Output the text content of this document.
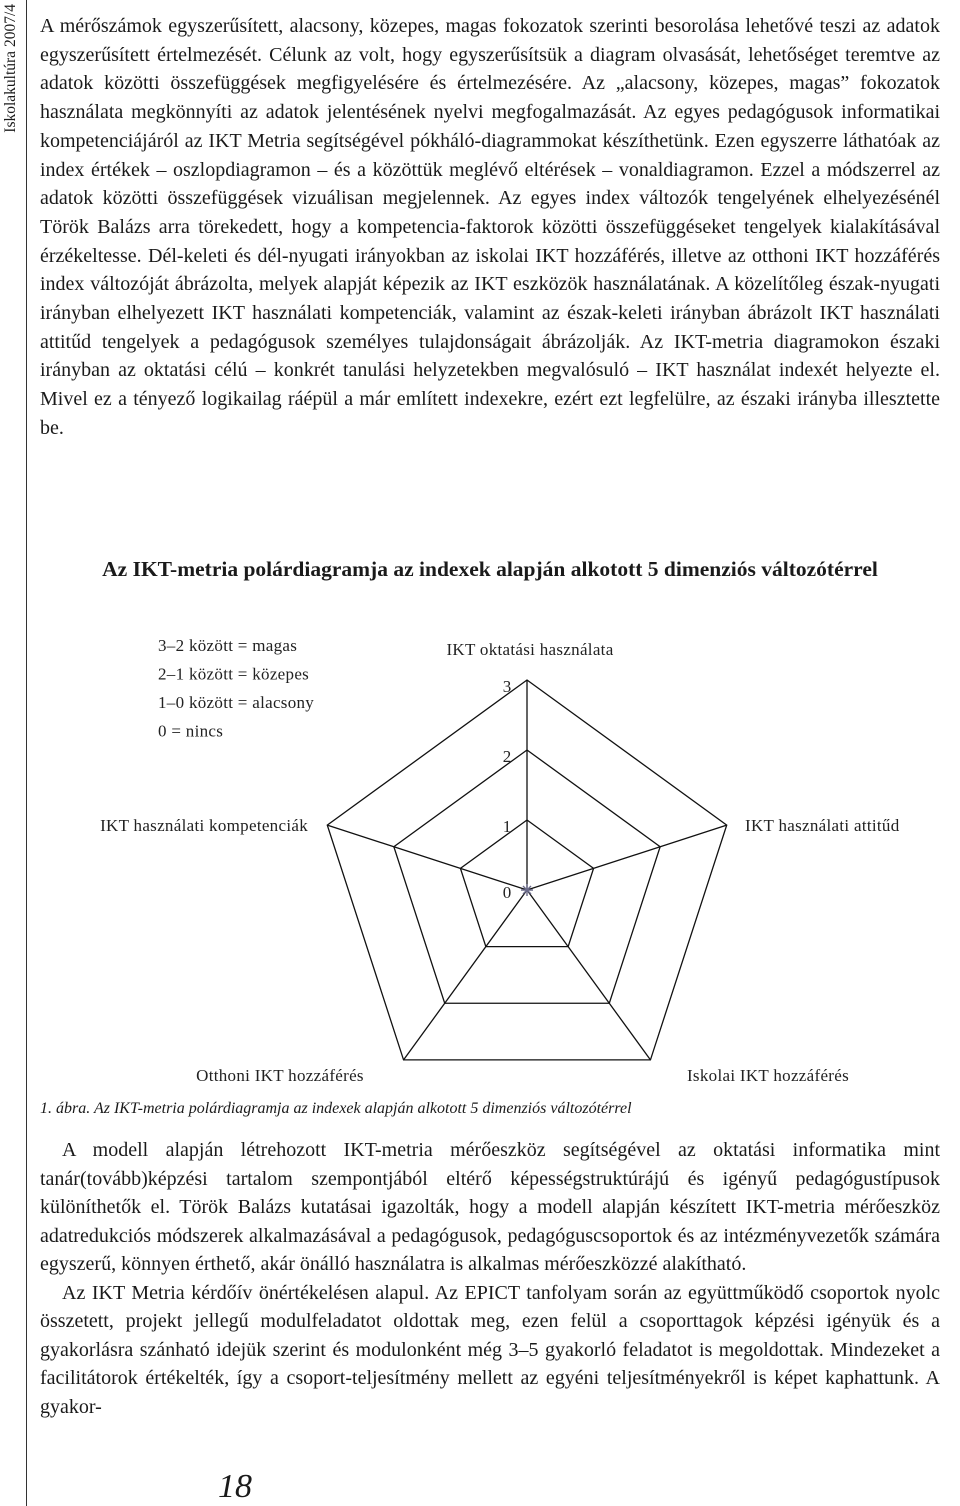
Iskolakultúra 2007/4 A mérőszámok egyszerűsített, alacsony, közepes, magas fokozatok szerinti besorolása lehetővé teszi az adatok egyszerűsített értelmezését. Célunk az volt, hogy egyszerűsítsük a diagram olvasását, lehetőséget teremtve az adatok közötti összefüggések megfigyelésére és értelmezésére. Az „alacsony, közepes, magas” fokozatok használata megkönnyíti az adatok jelentésének nyelvi megfogalmazását. Az egyes pedagógusok informatikai kompetenciájáról az IKT Metria segítségével pókháló-diagrammokat készíthetünk. Ezen egyszerre láthatóak az index értékek – oszlopdiagramon – és a közöttük meglévő eltérések – vonaldiagramon. Ezzel a módszerrel az adatok közötti összefüggések vizuálisan megjelennek. Az egyes index változók tengelyének elhelyezésénél Török Balázs arra törekedett, hogy a kompetencia-faktorok közötti összefüggéseket tengelyek kialakításával érzékeltesse. Dél-keleti és dél-nyugati irányokban az iskolai IKT hozzáférés, illetve az otthoni IKT hozzáférés index változóját ábrázolta, melyek alapját képezik az IKT eszközök használatának. A közelítőleg észak-nyugati irányban elhelyezett IKT használati kompetenciák, valamint az észak-keleti irányban ábrázolt IKT használati attitűd tengelyek a pedagógusok személyes tulajdonságait ábrázolják. Az IKT-metria diagramokon északi irányban az oktatási célú – konkrét tanulási helyzetekben megvalósuló – IKT használat indexét helyezte el. Mivel ez a tényező logikailag ráépül a már említett indexekre, ezért ezt legfelülre, az északi irányba illesztette be.

Az IKT-metria polárdiagramja az indexek alapján alkotott 5 dimenziós változótérrel
0
1
2
3
IKT oktatási használata
IKT használati attitűd
Iskolai IKT hozzáférés
Otthoni IKT hozzáférés
IKT használati kompetenciák
3–2 között = magas
2–1 között = közepes
1–0 között = alacsony
0 = nincs
1. ábra. Az IKT-metria polárdiagramja az indexek alapján alkotott 5 dimenziós változótérrel
A modell alapján létrehozott IKT-metria mérőeszköz segítségével az oktatási informatika mint tanár(tovább)képzési tartalom szempontjából eltérő képességstruktúrájú és igényű pedagógustípusok különíthetők el. Török Balázs kutatásai igazolták, hogy a modell alapján készített IKT-metria mérőeszköz adatredukciós módszerek alkalmazásával a pedagógusok, pedagóguscsoportok és az intézményvezetők számára egyszerű, könnyen érthető, akár önálló használatra is alkalmas mérőeszközzé alakítható.
Az IKT Metria kérdőív önértékelésen alapul. Az EPICT tanfolyam során az együttműködő csoportok nyolc összetett, projekt jellegű modulfeladatot oldottak meg, ezen felül a csoporttagok képzési igényük és a gyakorlásra szánható idejük szerint és modulonként még 3–5 gyakorló feladatot is megoldottak. Mindezeket a facilitátorok értékelték, így a csoport-teljesítmény mellett az egyéni teljesítményekről is képet kaphattunk. A gyakor-
18
